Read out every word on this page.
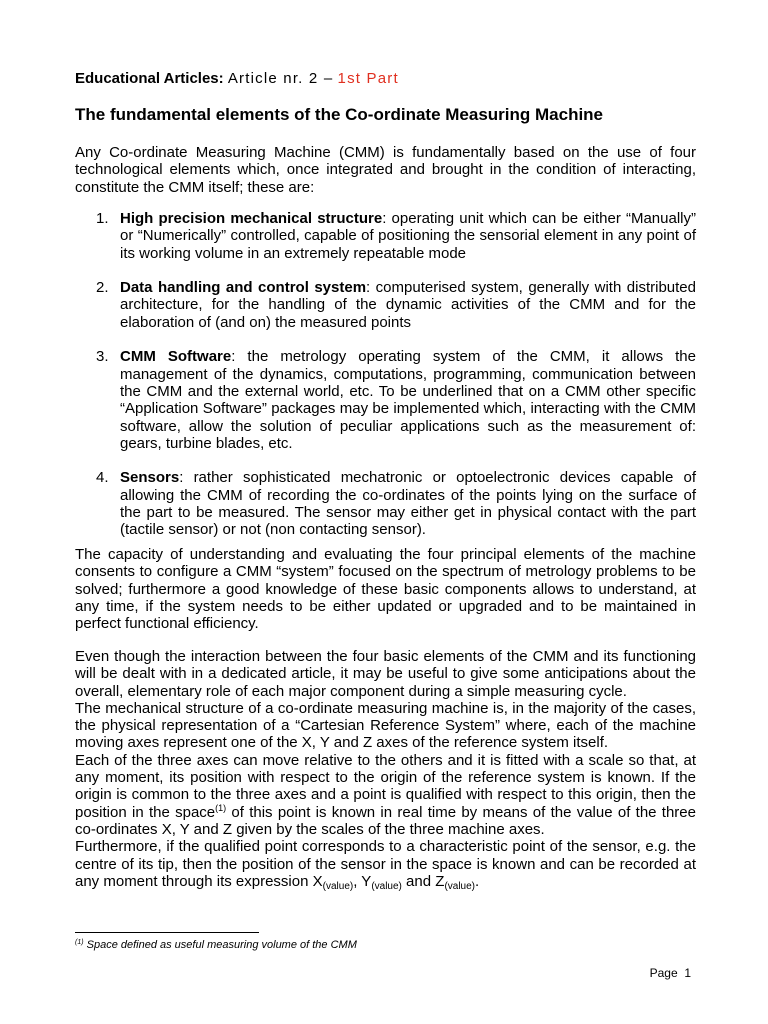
Educational Articles: Article nr. 2 – 1st Part
The fundamental elements of the Co-ordinate Measuring Machine
Any Co-ordinate Measuring Machine (CMM) is fundamentally based on the use of four technological elements which, once integrated and brought in the condition of interacting, constitute the CMM itself; these are:
1. High precision mechanical structure: operating unit which can be either “Manually” or “Numerically” controlled, capable of positioning the sensorial element in any point of its working volume in an extremely repeatable mode
2. Data handling and control system: computerised system, generally with distributed architecture, for the handling of the dynamic activities of the CMM and for the elaboration of (and on) the measured points
3. CMM Software: the metrology operating system of the CMM, it allows the management of the dynamics, computations, programming, communication between the CMM and the external world, etc. To be underlined that on a CMM other specific “Application Software” packages may be implemented which, interacting with the CMM software, allow the solution of peculiar applications such as the measurement of: gears, turbine blades, etc.
4. Sensors: rather sophisticated mechatronic or optoelectronic devices capable of allowing the CMM of recording the co-ordinates of the points lying on the surface of the part to be measured. The sensor may either get in physical contact with the part (tactile sensor) or not (non contacting sensor).
The capacity of understanding and evaluating the four principal elements of the machine consents to configure a CMM “system” focused on the spectrum of metrology problems to be solved; furthermore a good knowledge of these basic components allows to understand, at any time, if the system needs to be either updated or upgraded and to be maintained in perfect functional efficiency.
Even though the interaction between the four basic elements of the CMM and its functioning will be dealt with in a dedicated article, it may be useful to give some anticipations about the overall, elementary role of each major component during a simple measuring cycle.
The mechanical structure of a co-ordinate measuring machine is, in the majority of the cases, the physical representation of a “Cartesian Reference System” where, each of the machine moving axes represent one of the X, Y and Z axes of the reference system itself.
Each of the three axes can move relative to the others and it is fitted with a scale so that, at any moment, its position with respect to the origin of the reference system is known. If the origin is common to the three axes and a point is qualified with respect to this origin, then the position in the space$^{(1)}$ of this point is known in real time by means of the value of the three co-ordinates X, Y and Z given by the scales of the three machine axes.
Furthermore, if the qualified point corresponds to a characteristic point of the sensor, e.g. the centre of its tip, then the position of the sensor in the space is known and can be recorded at any moment through its expression $X_{(value)}$, $Y_{(value)}$ and $Z_{(value)}$.
$^{(1)}$ Space defined as useful measuring volume of the CMM
Page 1
